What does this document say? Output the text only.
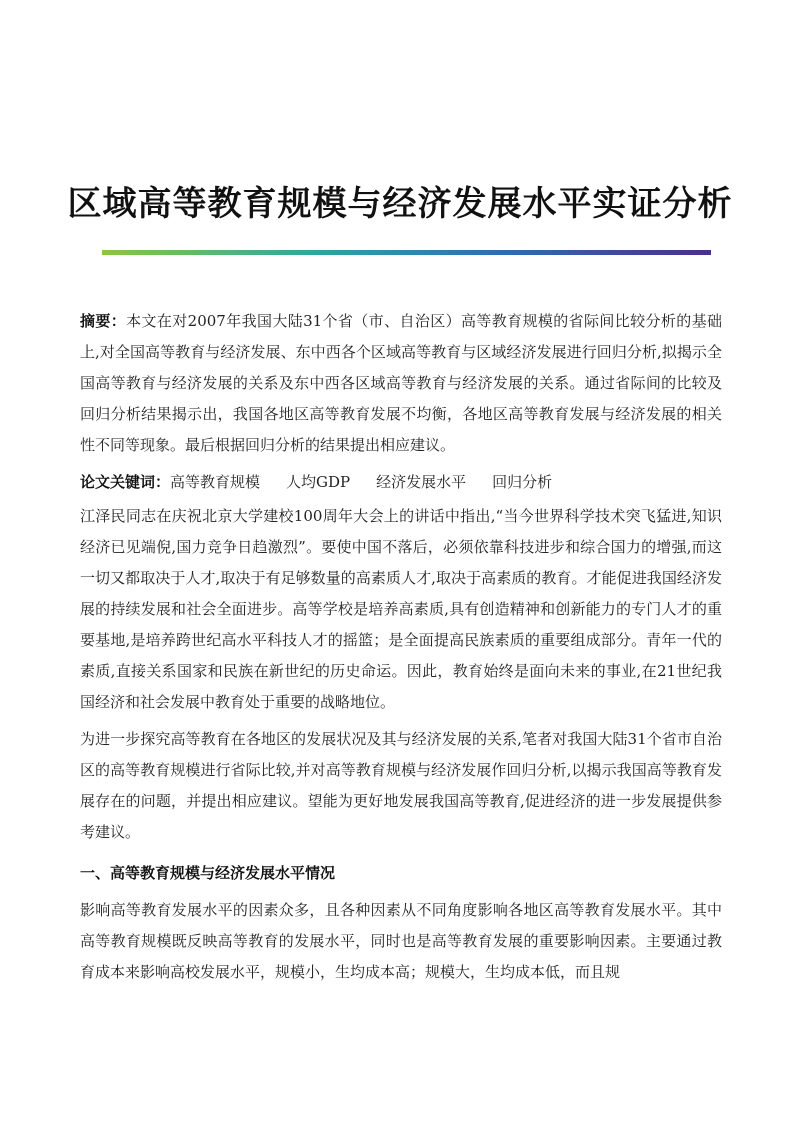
区域高等教育规模与经济发展水平实证分析

摘要：本文在对2007年我国大陆31个省（市、自治区）高等教育规模的省际间比较分析的基础上,对全国高等教育与经济发展、东中西各个区域高等教育与区域经济发展进行回归分析,拟揭示全国高等教育与经济发展的关系及东中西各区域高等教育与经济发展的关系。通过省际间的比较及回归分析结果揭示出，我国各地区高等教育发展不均衡，各地区高等教育发展与经济发展的相关性不同等现象。最后根据回归分析的结果提出相应建议。

论文关键词：高等教育规模 人均GDP 经济发展水平 回归分析

江泽民同志在庆祝北京大学建校100周年大会上的讲话中指出,“当今世界科学技术突飞猛进,知识经济已见端倪,国力竞争日趋激烈”。要使中国不落后，必须依靠科技进步和综合国力的增强,而这一切又都取决于人才,取决于有足够数量的高素质人才,取决于高素质的教育。才能促进我国经济发展的持续发展和社会全面进步。高等学校是培养高素质,具有创造精神和创新能力的专门人才的重要基地,是培养跨世纪高水平科技人才的摇篮；是全面提高民族素质的重要组成部分。青年一代的素质,直接关系国家和民族在新世纪的历史命运。因此，教育始终是面向未来的事业,在21世纪我国经济和社会发展中教育处于重要的战略地位。

为进一步探究高等教育在各地区的发展状况及其与经济发展的关系,笔者对我国大陆31个省市自治区的高等教育规模进行省际比较,并对高等教育规模与经济发展作回归分析,以揭示我国高等教育发展存在的问题，并提出相应建议。望能为更好地发展我国高等教育,促进经济的进一步发展提供参考建议。

一、高等教育规模与经济发展水平情况

影响高等教育发展水平的因素众多，且各种因素从不同角度影响各地区高等教育发展水平。其中高等教育规模既反映高等教育的发展水平，同时也是高等教育发展的重要影响因素。主要通过教育成本来影响高校发展水平，规模小，生均成本高；规模大，生均成本低，而且规
